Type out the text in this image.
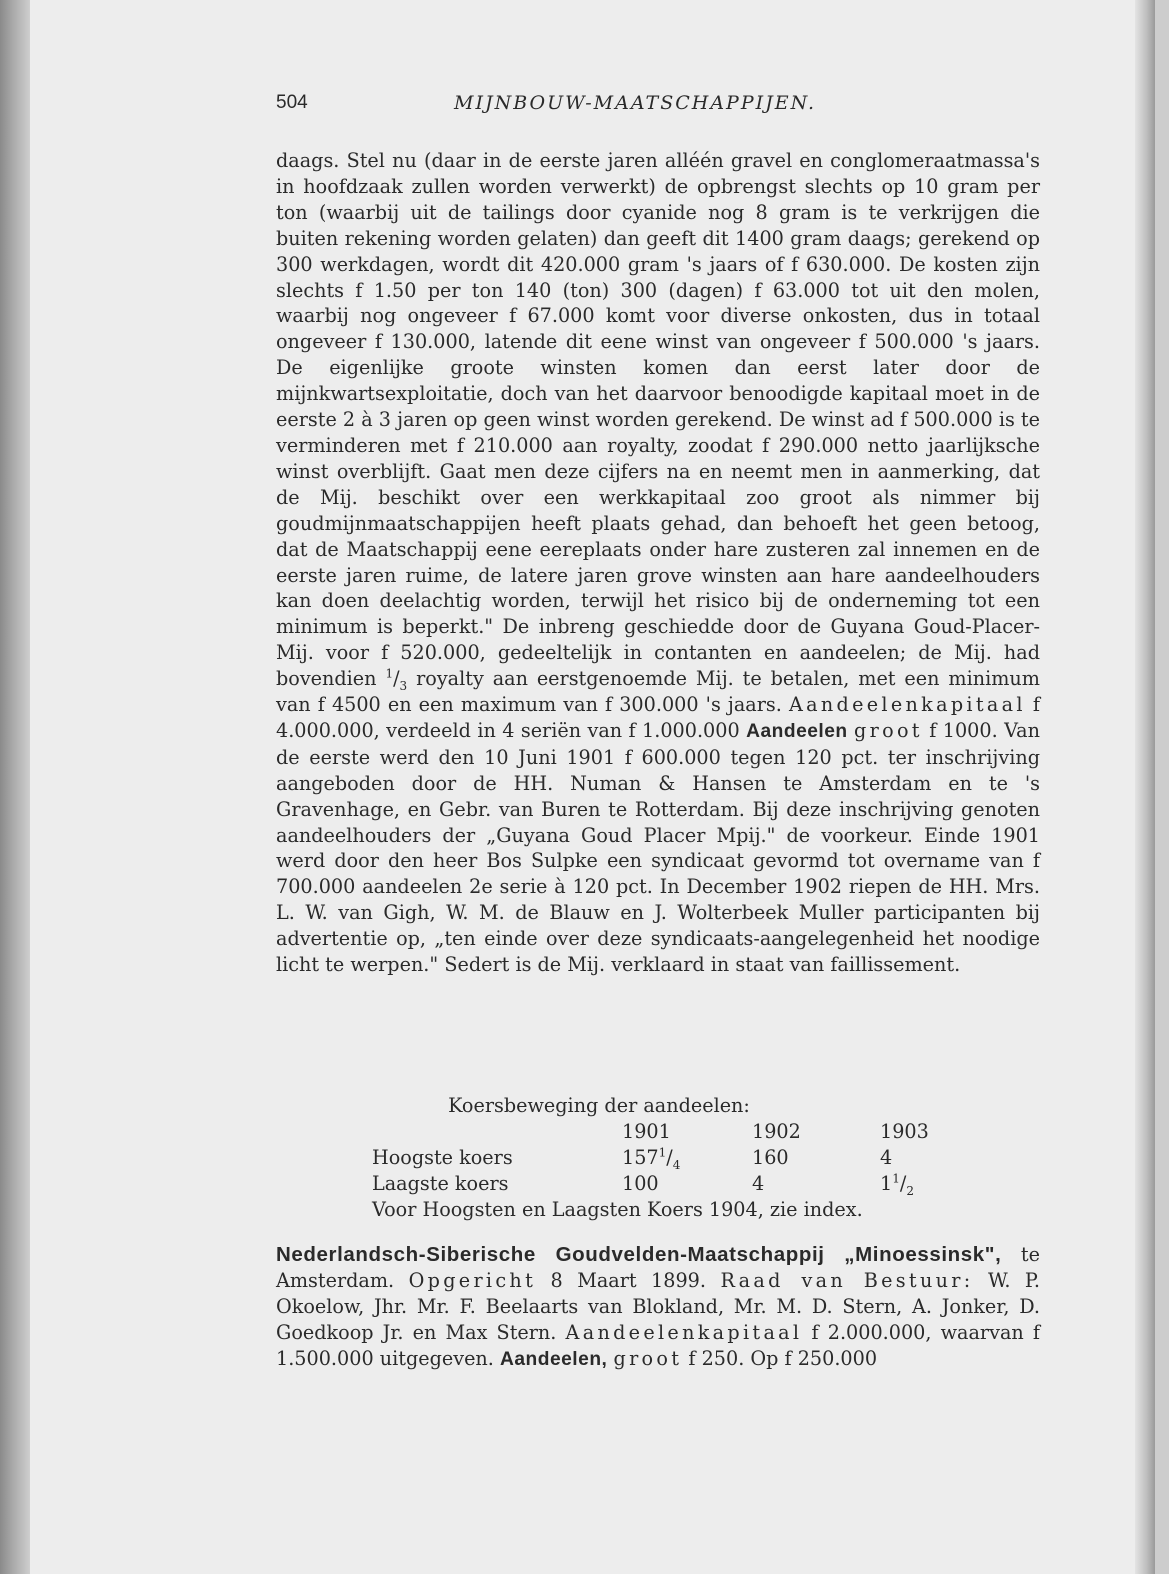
504	MIJNBOUW-MAATSCHAPPIJEN.

daags. Stel nu (daar in de eerste jaren alléén gravel en conglomeraatmassa's in hoofdzaak zullen worden verwerkt) de opbrengst slechts op 10 gram per ton (waarbij uit de tailings door cyanide nog 8 gram is te verkrijgen die buiten rekening worden gelaten) dan geeft dit 1400 gram daags; gerekend op 300 werkdagen, wordt dit 420.000 gram 's jaars of f 630.000. De kosten zijn slechts f 1.50 per ton 140 (ton) 300 (dagen) f 63.000 tot uit den molen, waarbij nog ongeveer f 67.000 komt voor diverse onkosten, dus in totaal ongeveer f 130.000, latende dit eene winst van ongeveer f 500.000 's jaars. De eigenlijke groote winsten komen dan eerst later door de mijnkwartsexploitatie, doch van het daarvoor benoodigde kapitaal moet in de eerste 2 à 3 jaren op geen winst worden gerekend. De winst ad f 500.000 is te verminderen met f 210.000 aan royalty, zoodat f 290.000 netto jaarlijksche winst overblijft. Gaat men deze cijfers na en neemt men in aanmerking, dat de Mij. beschikt over een werkkapitaal zoo groot als nimmer bij goudmijnmaatschappijen heeft plaats gehad, dan behoeft het geen betoog, dat de Maatschappij eene eereplaats onder hare zusteren zal innemen en de eerste jaren ruime, de latere jaren grove winsten aan hare aandeelhouders kan doen deelachtig worden, terwijl het risico bij de onderneming tot een minimum is beperkt." De inbreng geschiedde door de Guyana Goud-Placer-Mij. voor f 520.000, gedeeltelijk in contanten en aandeelen; de Mij. had bovendien $^1/_3$ royalty aan eerstgenoemde Mij. te betalen, met een minimum van f 4500 en een maximum van f 300.000 's jaars. Aandeelenkapitaal f 4.000.000, verdeeld in 4 seriën van f 1.000.000 Aandeelen groot f 1000. Van de eerste werd den 10 Juni 1901 f 600.000 tegen 120 pct. ter inschrijving aangeboden door de HH. Numan & Hansen te Amsterdam en te 's Gravenhage, en Gebr. van Buren te Rotterdam. Bij deze inschrijving genoten aandeelhouders der „Guyana Goud Placer Mpij." de voorkeur. Einde 1901 werd door den heer Bos Sulpke een syndicaat gevormd tot overname van f 700.000 aandeelen 2e serie à 120 pct. In December 1902 riepen de HH. Mrs. L. W. van Gigh, W. M. de Blauw en J. Wolterbeek Muller participanten bij advertentie op, „ten einde over deze syndicaats-aangelegenheid het noodige licht te werpen." Sedert is de Mij. verklaard in staat van faillissement.

Koersbeweging der aandeelen:
	1901	1902	1903
Hoogste koers	$157^1/_4$	160	4
Laagste koers	100	4	$1^1/_2$
Voor Hoogsten en Laagsten Koers 1904, zie index.
Nederlandsch-Siberische Goudvelden-Maatschappij „Minoessinsk", te Amsterdam. Opgericht 8 Maart 1899. Raad van Bestuur: W. P. Okoelow, Jhr. Mr. F. Beelaarts van Blokland, Mr. M. D. Stern, A. Jonker, D. Goedkoop Jr. en Max Stern. Aandeelenkapitaal f 2.000.000, waarvan f 1.500.000 uitgegeven. Aandeelen, groot f 250. Op f 250.000
